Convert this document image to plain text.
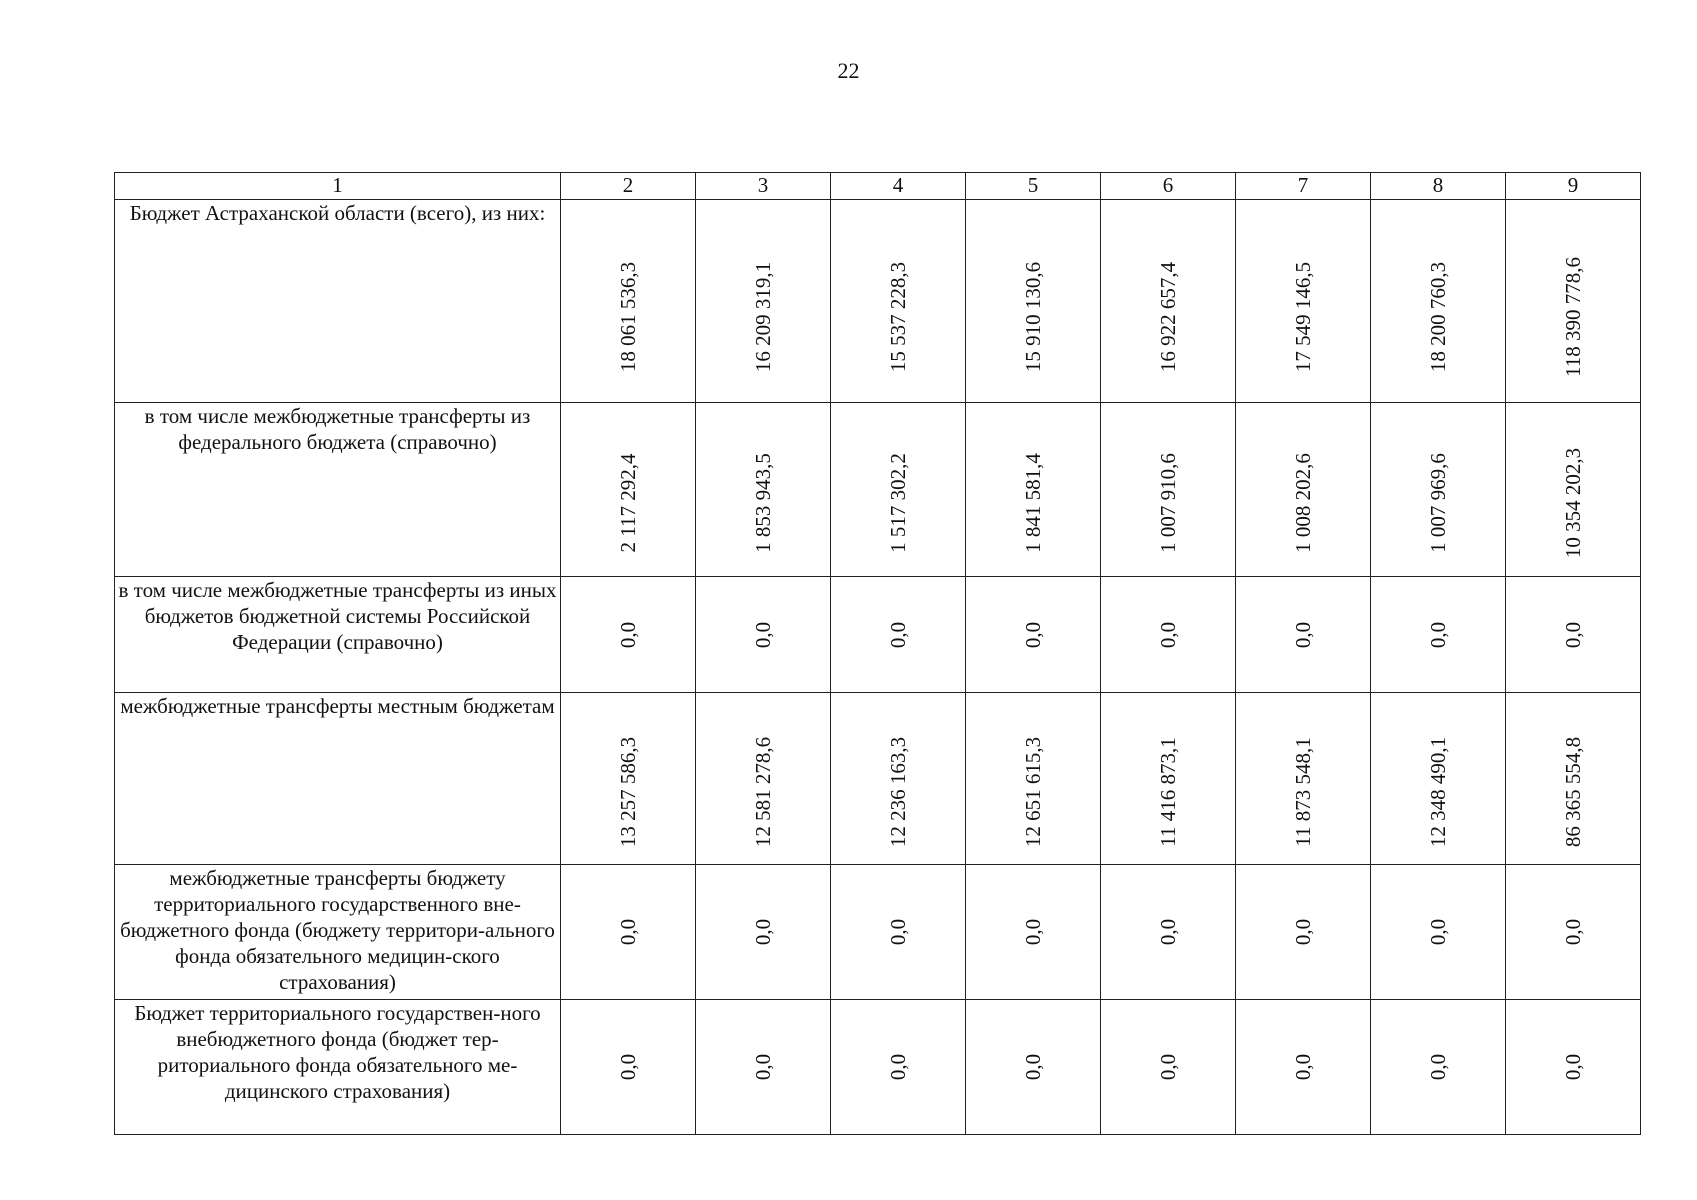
22
1	2	3	4	5	6	7	8	9
Бюджет Астраханской области (всего), из них:	18 061 536,3	16 209 319,1	15 537 228,3	15 910 130,6	16 922 657,4	17 549 146,5	18 200 760,3	118 390 778,6

в том числе межбюджетные трансферты из федерального бюджета (справочно)	2 117 292,4	1 853 943,5	1 517 302,2	1 841 581,4	1 007 910,6	1 008 202,6	1 007 969,6	10 354 202,3

в том числе межбюджетные трансферты из иных бюджетов бюджетной системы Российской Федерации (справочно)	0,0	0,0	0,0	0,0	0,0	0,0	0,0	0,0

межбюджетные трансферты местным бюджетам	13 257 586,3	12 581 278,6	12 236 163,3	12 651 615,3	11 416 873,1	11 873 548,1	12 348 490,1	86 365 554,8

межбюджетные трансферты бюджету территориального государственного вне-бюджетного фонда (бюджету территори-ального фонда обязательного медицин-ского страхования)	0,0	0,0	0,0	0,0	0,0	0,0	0,0	0,0

Бюджет территориального государствен-ного внебюджетного фонда (бюджет тер-риториального фонда обязательного ме-дицинского страхования)	0,0	0,0	0,0	0,0	0,0	0,0	0,0	0,0
